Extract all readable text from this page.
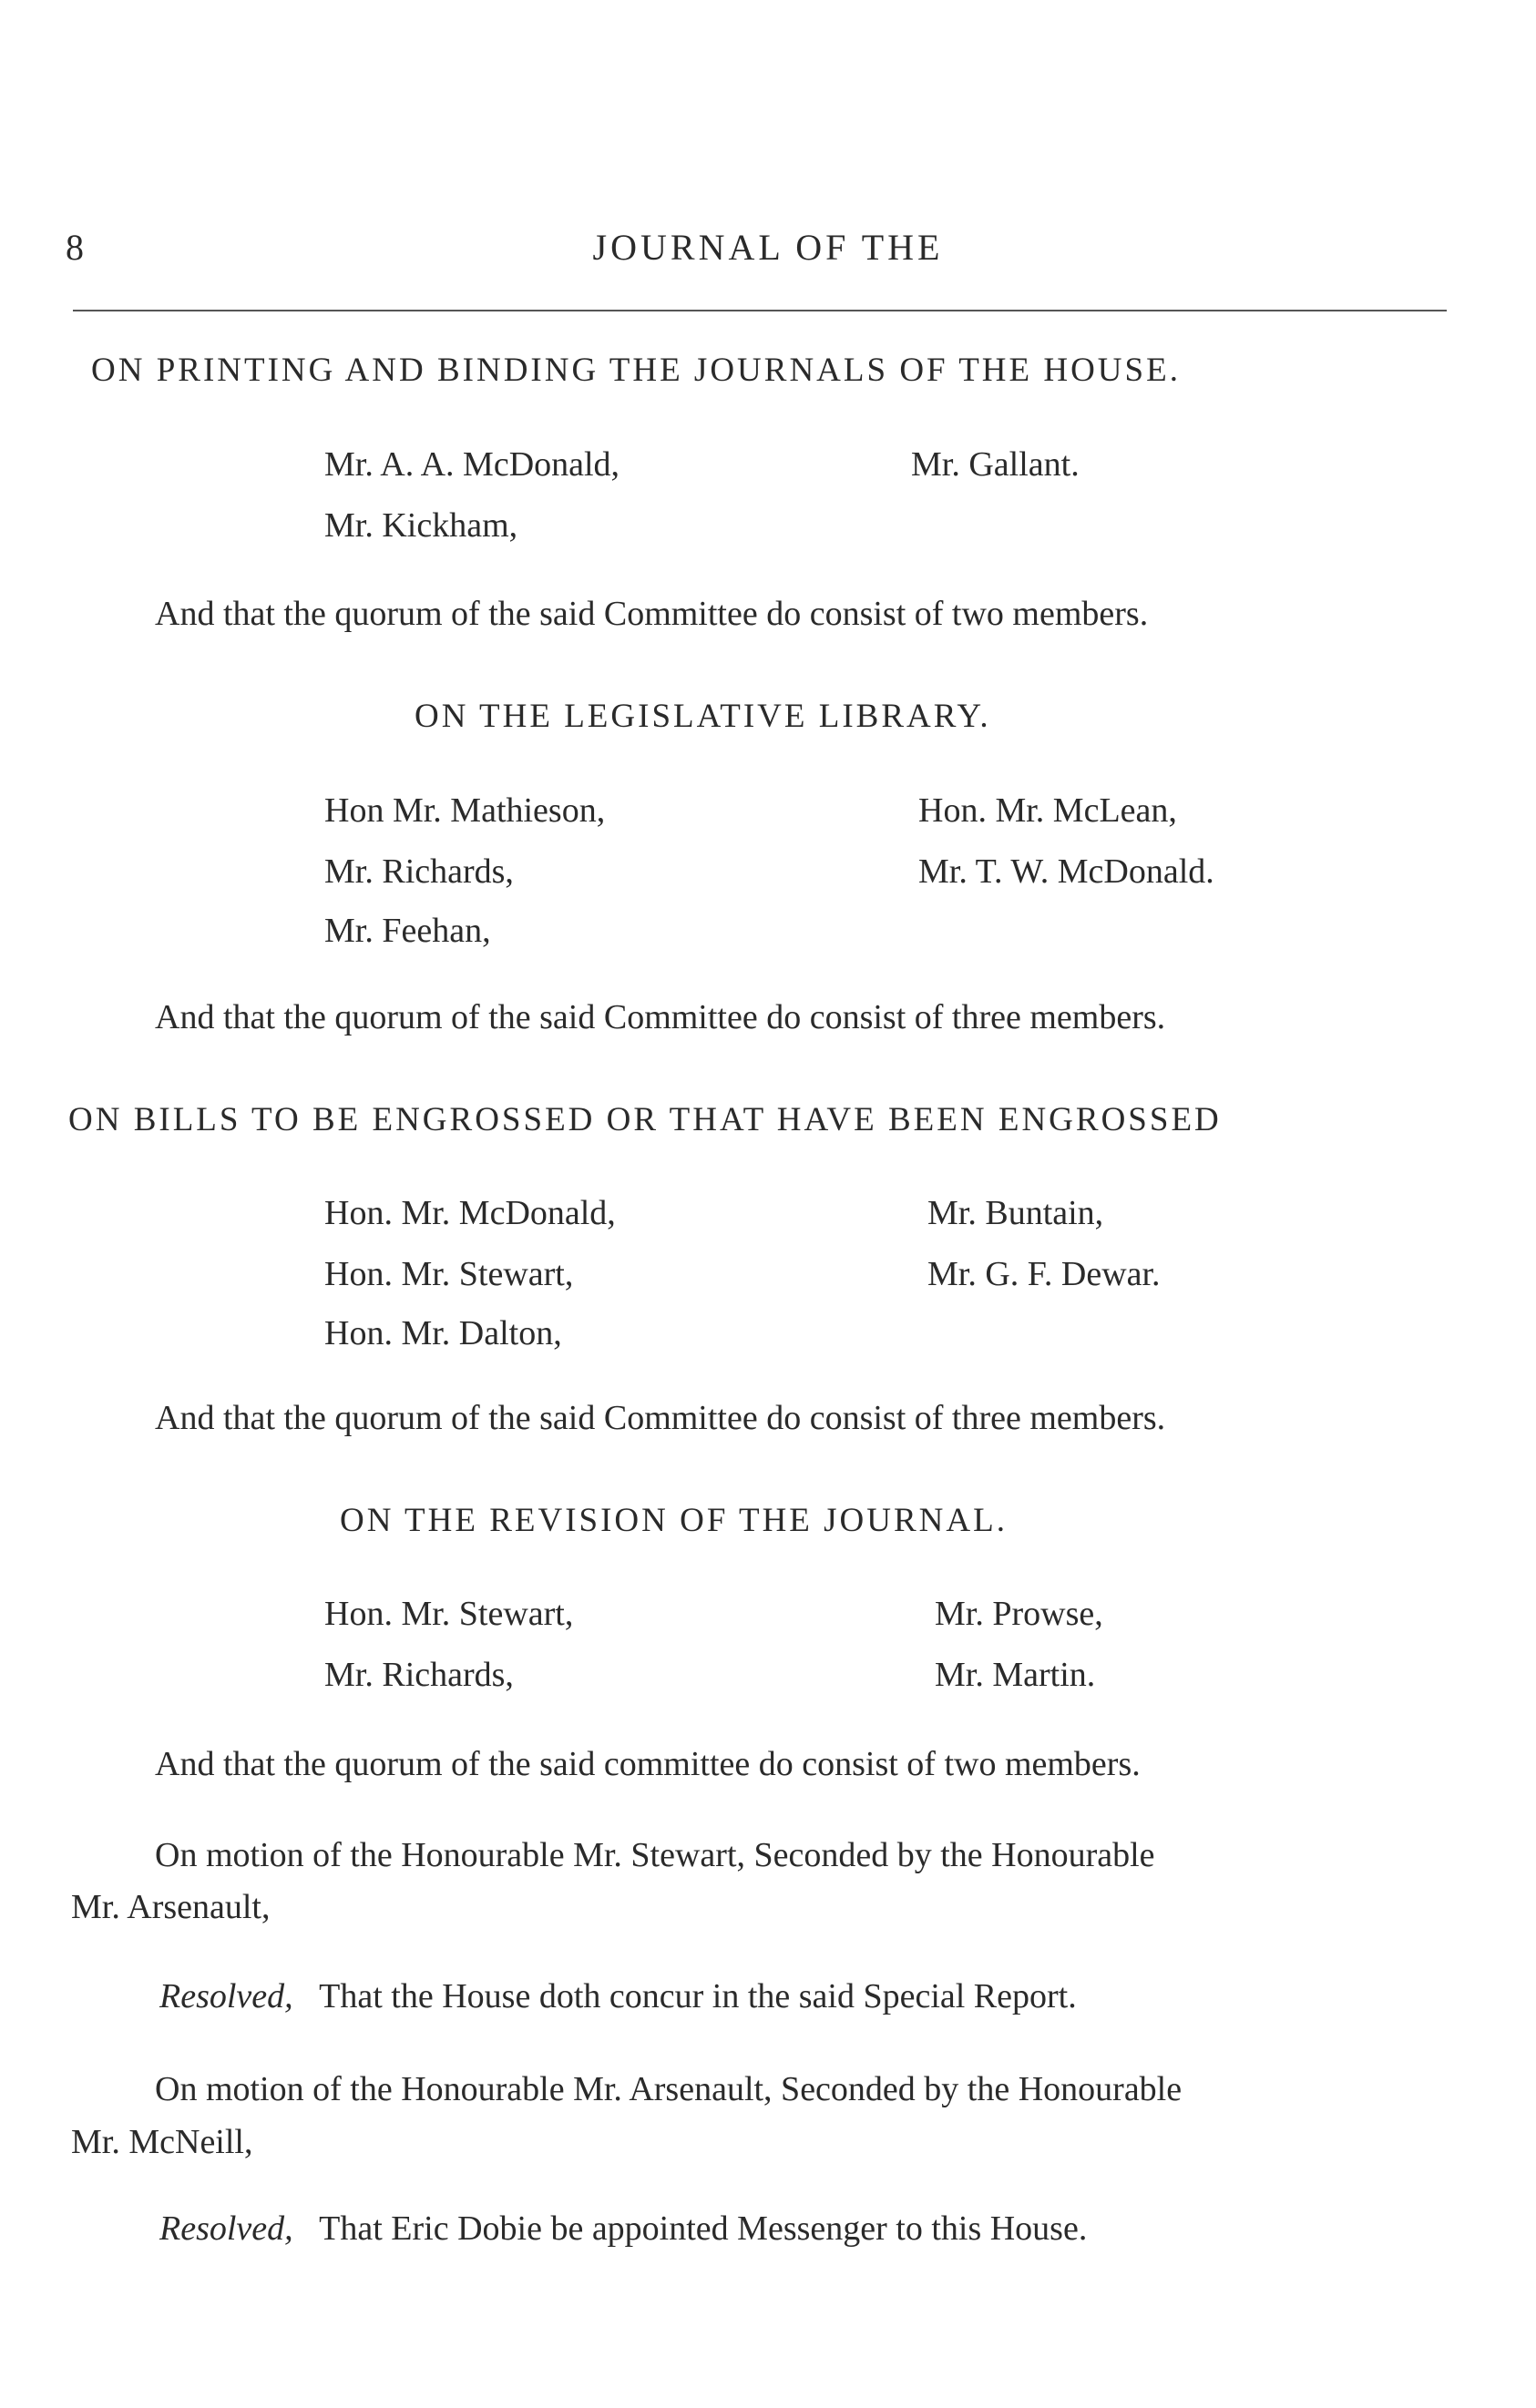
8	JOURNAL OF THE
ON PRINTING AND BINDING THE JOURNALS OF THE HOUSE.
Mr. A. A. McDonald,
Mr. Kickham,
Mr. Gallant.
And that the quorum of the said Committee do consist of two members.
ON THE LEGISLATIVE LIBRARY.
Hon Mr. Mathieson,
Mr. Richards,
Mr. Feehan,
Hon. Mr. McLean,
Mr. T. W. McDonald.
And that the quorum of the said Committee do consist of three members.
ON BILLS TO BE ENGROSSED OR THAT HAVE BEEN ENGROSSED
Hon. Mr. McDonald,
Hon. Mr. Stewart,
Hon. Mr. Dalton,
Mr. Buntain,
Mr. G. F. Dewar.
And that the quorum of the said Committee do consist of three members.
ON THE REVISION OF THE JOURNAL.
Hon. Mr. Stewart,
Mr. Richards,
Mr. Prowse,
Mr. Martin.
And that the quorum of the said committee do consist of two members.
On motion of the Honourable Mr. Stewart, Seconded by the Honourable
Mr. Arsenault,
Resolved, That the House doth concur in the said Special Report.
On motion of the Honourable Mr. Arsenault, Seconded by the Honourable
Mr. McNeill,
Resolved, That Eric Dobie be appointed Messenger to this House.
